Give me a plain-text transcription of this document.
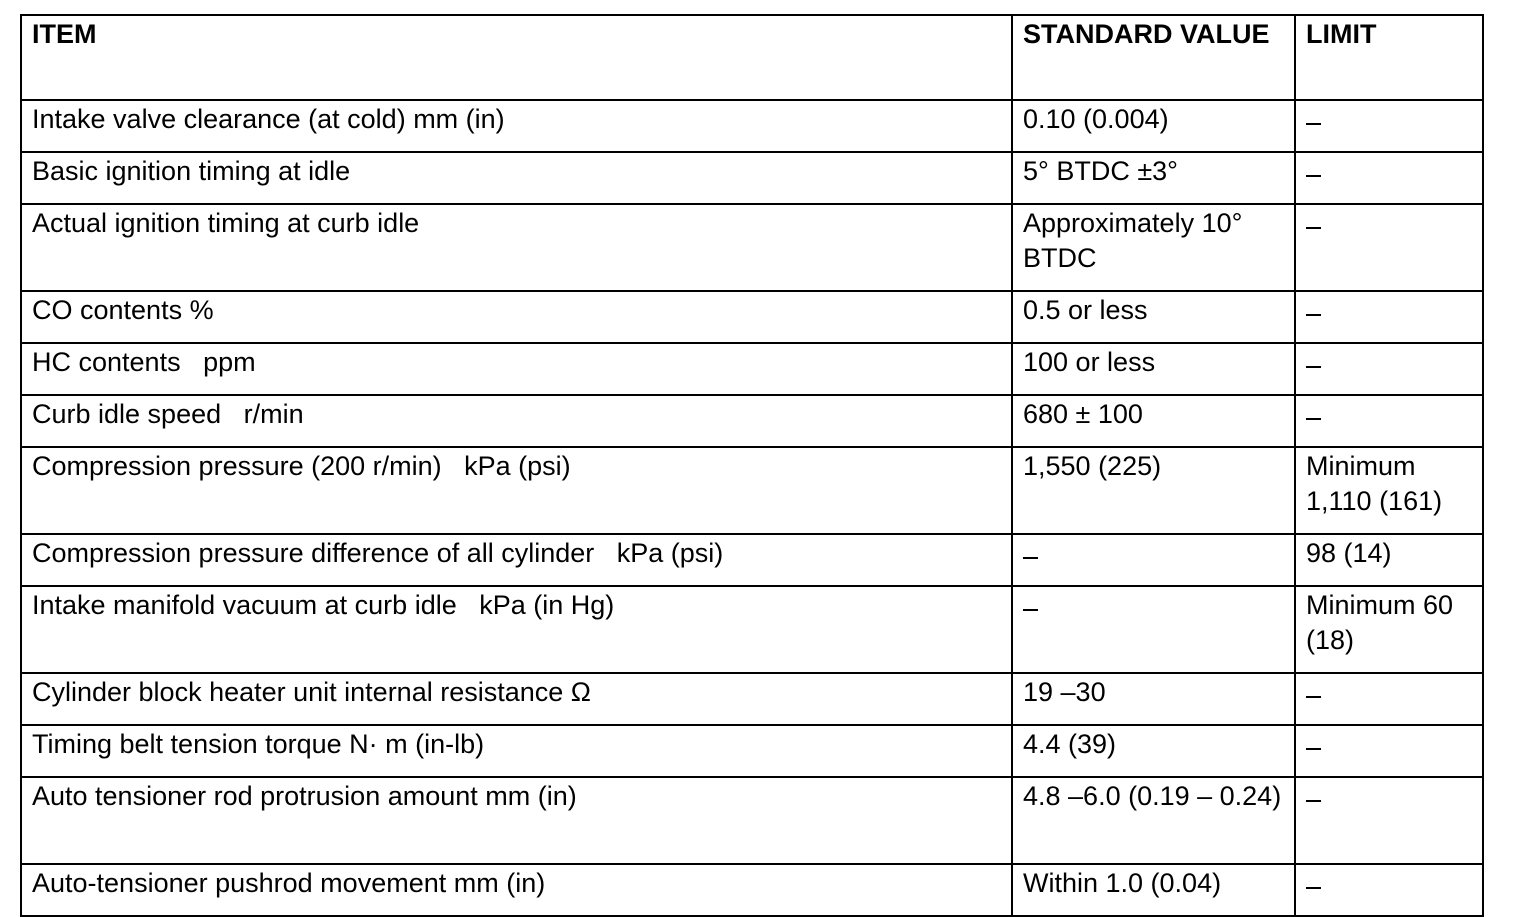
ITEM	STANDARD VALUE	LIMIT
Intake valve clearance (at cold) mm (in)	0.10 (0.004)	
Basic ignition timing at idle	5° BTDC ±3°	
Actual ignition timing at curb idle	Approximately 10° BTDC	
CO contents %	0.5 or less	
HC contents   ppm	100 or less	
Curb idle speed   r/min	680 ± 100	
Compression pressure (200 r/min)   kPa (psi)	1,550 (225)	Minimum 1,110 (161)
Compression pressure difference of all cylinder   kPa (psi)		98 (14)
Intake manifold vacuum at curb idle   kPa (in Hg)		Minimum 60 (18)
Cylinder block heater unit internal resistance Ω	19 –30	
Timing belt tension torque N· m (in-lb)	4.4 (39)	
Auto tensioner rod protrusion amount mm (in)	4.8 –6.0 (0.19 – 0.24)	
Auto-tensioner pushrod movement mm (in)	Within 1.0 (0.04)	
